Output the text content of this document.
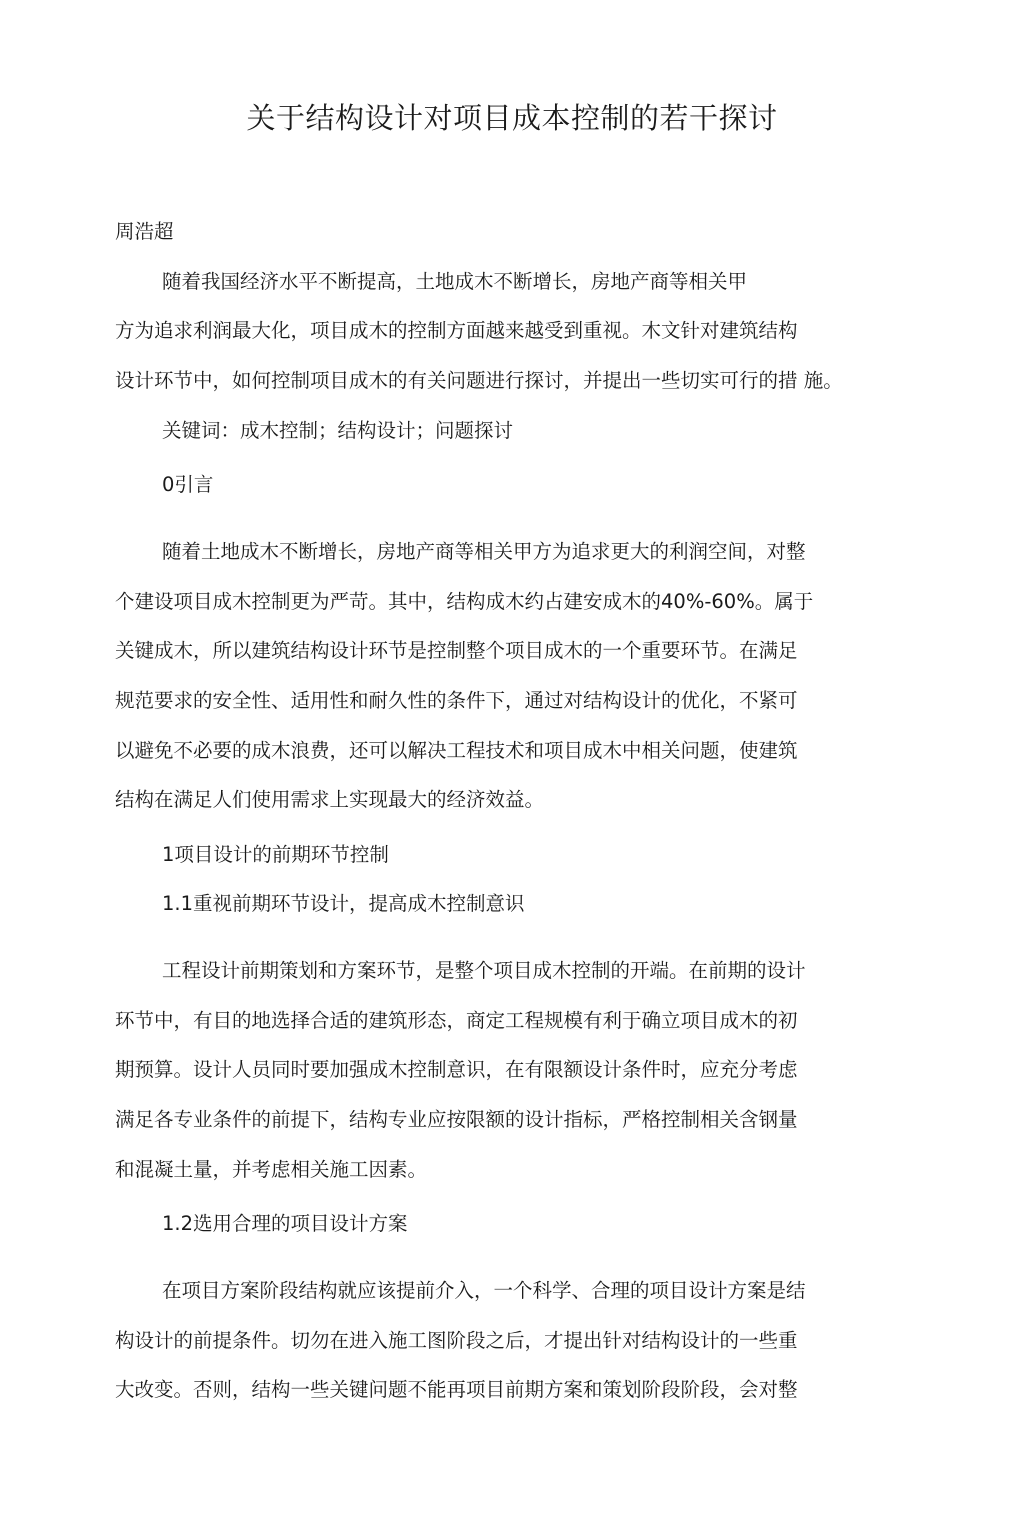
关于结构设计对项目成本控制的若干探讨
周浩超
随着我国经济水平不断提高，土地成木不断增长，房地产商等相关甲
方为追求利润最大化，项目成木的控制方面越来越受到重视。木文针对建筑结构
设计环节中，如何控制项目成木的有关问题进行探讨，并提出一些切实可行的措 施。
关键词：成木控制；结构设计；问题探讨
0引言
随着土地成木不断增长，房地产商等相关甲方为追求更大的利润空间，对整
个建设项目成木控制更为严苛。其中，结构成木约占建安成木的40%-60%。属于
关键成木，所以建筑结构设计环节是控制整个项目成木的一个重要环节。在满足
规范要求的安全性、适用性和耐久性的条件下，通过对结构设计的优化，不紧可
以避免不必要的成木浪费，还可以解决工程技术和项目成木中相关问题，使建筑
结构在满足人们使用需求上实现最大的经济效益。
1项目设计的前期环节控制
1.1重视前期环节设计，提高成木控制意识
工程设计前期策划和方案环节，是整个项目成木控制的开端。在前期的设计
环节中，有目的地选择合适的建筑形态，商定工程规模有利于确立项目成木的初
期预算。设计人员同时要加强成木控制意识，在有限额设计条件时，应充分考虑
满足各专业条件的前提下，结构专业应按限额的设计指标，严格控制相关含钢量
和混凝土量，并考虑相关施工因素。
1.2选用合理的项目设计方案
在项目方案阶段结构就应该提前介入，一个科学、合理的项目设计方案是结
构设计的前提条件。切勿在进入施工图阶段之后，才提出针对结构设计的一些重
大改变。否则，结构一些关键问题不能再项目前期方案和策划阶段阶段，会对整
